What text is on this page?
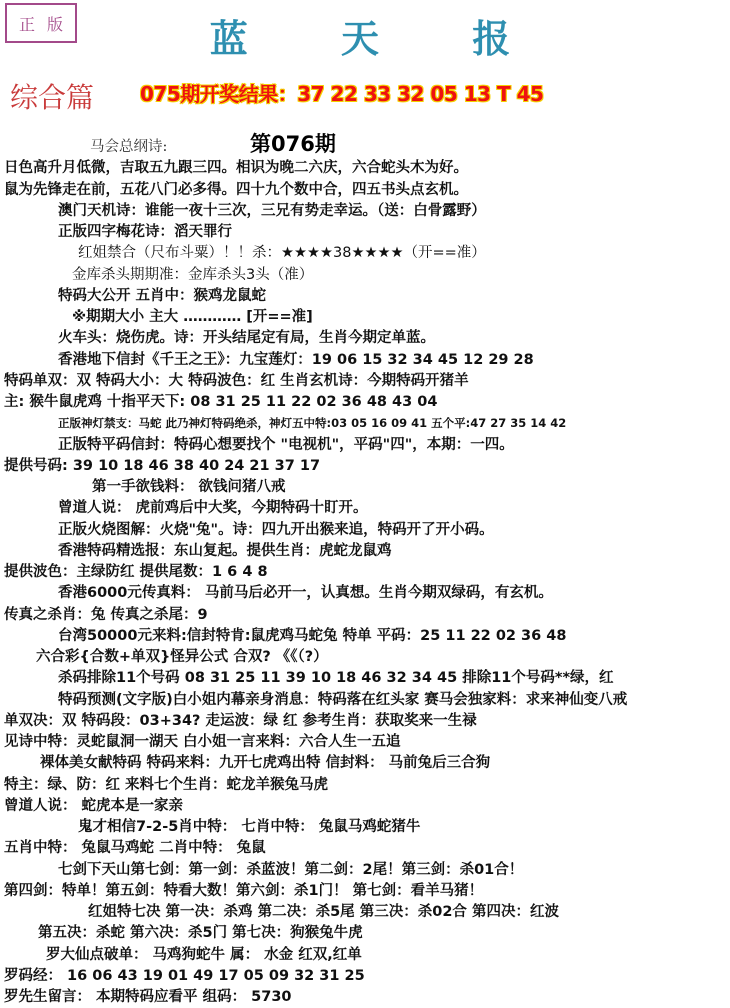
正 版	蓝 天 报
综合篇 075期开奖结果：37 22 33 32 05 13 T 45
第076期
马会总纲诗:
日色高升月低微，吉取五九跟三四。相识为晚二六庆，六合蛇头木为好。
鼠为先锋走在前，五花八门必多得。四十九个数中合，四五书头点玄机。
澳门天机诗：谁能一夜十三次，三兄有势走幸运。（送：白骨露野）
正版四字梅花诗：滔天罪行
红姐禁合（尺布斗粟）！！杀：★★★★38★★★★（开==准）
金库杀头期期准：金库杀头3头（准）
特码大公开 五肖中：猴鸡龙鼠蛇
※期期大小 主大 ………… [开==准]
火车头：烧伤虎。诗：开头结尾定有局，生肖今期定单蓝。
香港地下信封《千王之王》：九宝莲灯：19 06 15 32 34 45 12 29 28
特码单双：双 特码大小：大 特码波色：红 生肖玄机诗：今期特码开猪羊
主: 猴牛鼠虎鸡 十指平天下: 08 31 25 11 22 02 36 48 43 04
正版神灯禁支：马蛇 此乃神灯特码绝杀，神灯五中特:03 05 16 09 41 五个平:47 27 35 14 42
正版特平码信封：特码心想要找个 "电视机"，平码"四"，本期：一四。
提供号码: 39 10 18 46 38 40 24 21 37 17
第一手欲钱料： 欲钱问猪八戒
曾道人说： 虎前鸡后中大奖，今期特码十盯开。
正版火烧图解：火烧"兔"。诗：四九开出猴来追，特码开了开小码。
香港特码精选报：东山复起。提供生肖：虎蛇龙鼠鸡
提供波色：主绿防红 提供尾数：1 6 4 8
香港6000元传真料： 马前马后必开一，认真想。生肖今期双绿码，有玄机。
传真之杀肖：兔 传真之杀尾：9
台湾50000元来料:信封特肯:鼠虎鸡马蛇兔 特单 平码：25 11 22 02 36 48
六合彩{合数+单双}怪异公式 合双? 《《（?）
杀码排除11个号码 08 31 25 11 39 10 18 46 32 34 45 排除11个号码**绿，红
特码预测(文字版)白小姐内幕亲身消息：特码落在红头家 赛马会独家料：求来神仙变八戒
单双决：双 特码段：03+34? 走运波：绿 红 参考生肖：获取奖来一生禄
见诗中特：灵蛇鼠洞一湖天 白小姐一言来料：六合人生一五追
裸体美女献特码 特码来料：九开七虎鸡出特 信封料： 马前兔后三合狗
特主：绿、防：红 来料七个生肖：蛇龙羊猴兔马虎
曾道人说： 蛇虎本是一家亲
鬼才相信7-2-5肖中特： 七肖中特： 兔鼠马鸡蛇猪牛
五肖中特： 兔鼠马鸡蛇 二肖中特： 兔鼠
七剑下天山第七剑：第一剑：杀蓝波！第二剑：2尾！第三剑：杀01合！
第四剑：特单！第五剑：特看大数！第六剑：杀1门！ 第七剑：看羊马猪！
红姐特七决 第一决：杀鸡 第二决：杀5尾 第三决：杀02合 第四决：红波
第五决：杀蛇 第六决：杀5门 第七决：狗猴兔牛虎
罗大仙点破单： 马鸡狗蛇牛 属： 水金 红双,红单
罗码经： 16 06 43 19 01 49 17 05 09 32 31 25
罗先生留言： 本期特码应看平 组码： 5730
